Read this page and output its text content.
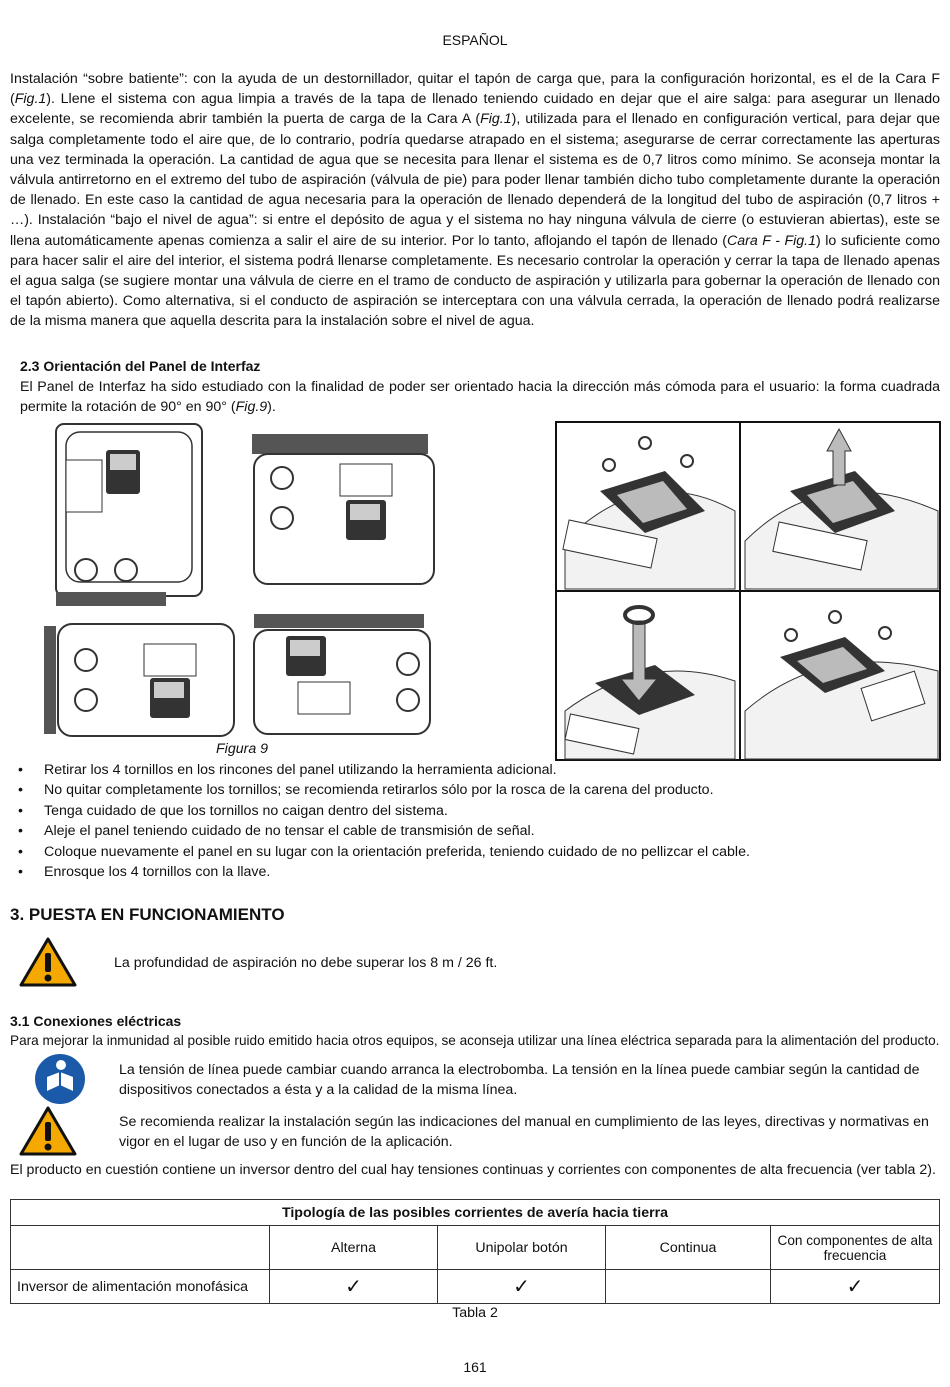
ESPAÑOL
Instalación “sobre batiente”: con la ayuda de un destornillador, quitar el tapón de carga que, para la configuración horizontal, es el de la Cara F (Fig.1). Llene el sistema con agua limpia a través de la tapa de llenado teniendo cuidado en dejar que el aire salga: para asegurar un llenado excelente, se recomienda abrir también la puerta de carga de la Cara A (Fig.1), utilizada para el llenado en configuración vertical, para dejar que salga completamente todo el aire que, de lo contrario, podría quedarse atrapado en el sistema; asegurarse de cerrar correctamente las aperturas una vez terminada la operación. La cantidad de agua que se necesita para llenar el sistema es de 0,7 litros como mínimo. Se aconseja montar la válvula antirretorno en el extremo del tubo de aspiración (válvula de pie) para poder llenar también dicho tubo completamente durante la operación de llenado. En este caso la cantidad de agua necesaria para la operación de llenado dependerá de la longitud del tubo de aspiración (0,7 litros + …). Instalación “bajo el nivel de agua”: si entre el depósito de agua y el sistema no hay ninguna válvula de cierre (o estuvieran abiertas), este se llena automáticamente apenas comienza a salir el aire de su interior. Por lo tanto, aflojando el tapón de llenado (Cara F - Fig.1) lo suficiente como para hacer salir el aire del interior, el sistema podrá llenarse completamente. Es necesario controlar la operación y cerrar la tapa de llenado apenas el agua salga (se sugiere montar una válvula de cierre en el tramo de conducto de aspiración y utilizarla para gobernar la operación de llenado con el tapón abierto). Como alternativa, si el conducto de aspiración se interceptara con una válvula cerrada, la operación de llenado podrá realizarse de la misma manera que aquella descrita para la instalación sobre el nivel de agua.
2.3 Orientación del Panel de Interfaz
El Panel de Interfaz ha sido estudiado con la finalidad de poder ser orientado hacia la dirección más cómoda para el usuario: la forma cuadrada permite la rotación de 90° en 90° (Fig.9).
Figura 9
• Retirar los 4 tornillos en los rincones del panel utilizando la herramienta adicional.
• No quitar completamente los tornillos; se recomienda retirarlos sólo por la rosca de la carena del producto.
• Tenga cuidado de que los tornillos no caigan dentro del sistema.
• Aleje el panel teniendo cuidado de no tensar el cable de transmisión de señal.
• Coloque nuevamente el panel en su lugar con la orientación preferida, teniendo cuidado de no pellizcar el cable.
• Enrosque los 4 tornillos con la llave.
3. PUESTA EN FUNCIONAMIENTO
La profundidad de aspiración no debe superar los 8 m / 26 ft.
3.1 Conexiones eléctricas
Para mejorar la inmunidad al posible ruido emitido hacia otros equipos, se aconseja utilizar una línea eléctrica separada para la alimentación del producto.
La tensión de línea puede cambiar cuando arranca la electrobomba. La tensión en la línea puede cambiar según la cantidad de dispositivos conectados a ésta y a la calidad de la misma línea.
Se recomienda realizar la instalación según las indicaciones del manual en cumplimiento de las leyes, directivas y normativas en vigor en el lugar de uso y en función de la aplicación.
El producto en cuestión contiene un inversor dentro del cual hay tensiones continuas y corrientes con componentes de alta frecuencia (ver tabla 2).
Tipología de las posibles corrientes de avería hacia tierra				
	Alterna	Unipolar botón	Continua	Con componentes de alta frecuencia
Inversor de alimentación monofásica	✓	✓		✓
Tabla 2
161
